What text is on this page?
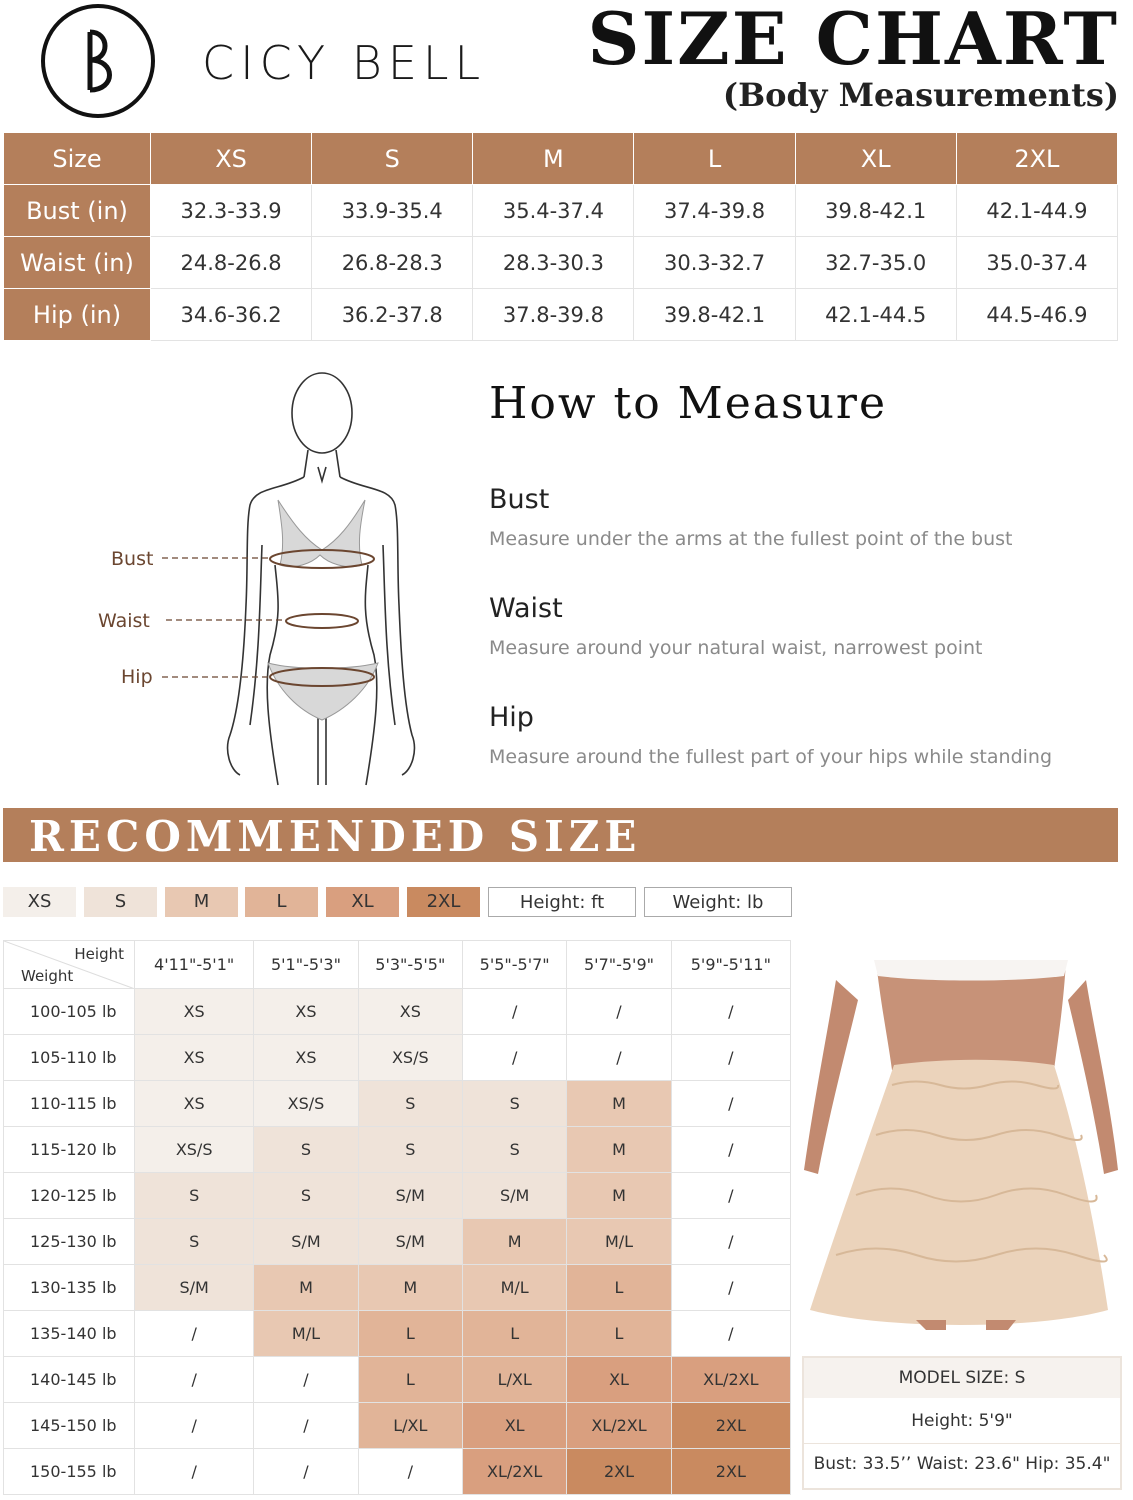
CICY BELL SIZE CHART
(Body Measurements)
Size	XS	S	M	L	XL	2XL
Bust (in)	32.3-33.9	33.9-35.4	35.4-37.4	37.4-39.8	39.8-42.1	42.1-44.9
Waist (in)	24.8-26.8	26.8-28.3	28.3-30.3	30.3-32.7	32.7-35.0	35.0-37.4
Hip (in)	34.6-36.2	36.2-37.8	37.8-39.8	39.8-42.1	42.1-44.5	44.5-46.9
Bust
Waist
Hip
How to Measure
Bust
Measure under the arms at the fullest point of the bust
Waist
Measure around your natural waist, narrowest point
Hip
Measure around the fullest part of your hips while standing
RECOMMENDED SIZE
XS	S	M	L	XL	2XL	Height: ft	Weight: lb
Height
Weight	4'11"-5'1"	5'1"-5'3"	5'3"-5'5"	5'5"-5'7"	5'7"-5'9"	5'9"-5'11"
100-105 lb	XS	XS	XS	/	/	/
105-110 lb	XS	XS	XS/S	/	/	/
110-115 lb	XS	XS/S	S	S	M	/
115-120 lb	XS/S	S	S	S	M	/
120-125 lb	S	S	S/M	S/M	M	/
125-130 lb	S	S/M	S/M	M	M/L	/
130-135 lb	S/M	M	M	M/L	L	/
135-140 lb	/	M/L	L	L	L	/
140-145 lb	/	/	L	L/XL	XL	XL/2XL
145-150 lb	/	/	L/XL	XL	XL/2XL	2XL
150-155 lb	/	/	/	XL/2XL	2XL	2XL
MODEL SIZE: S
Height: 5'9"
Bust: 33.5’’ Waist: 23.6" Hip: 35.4"
